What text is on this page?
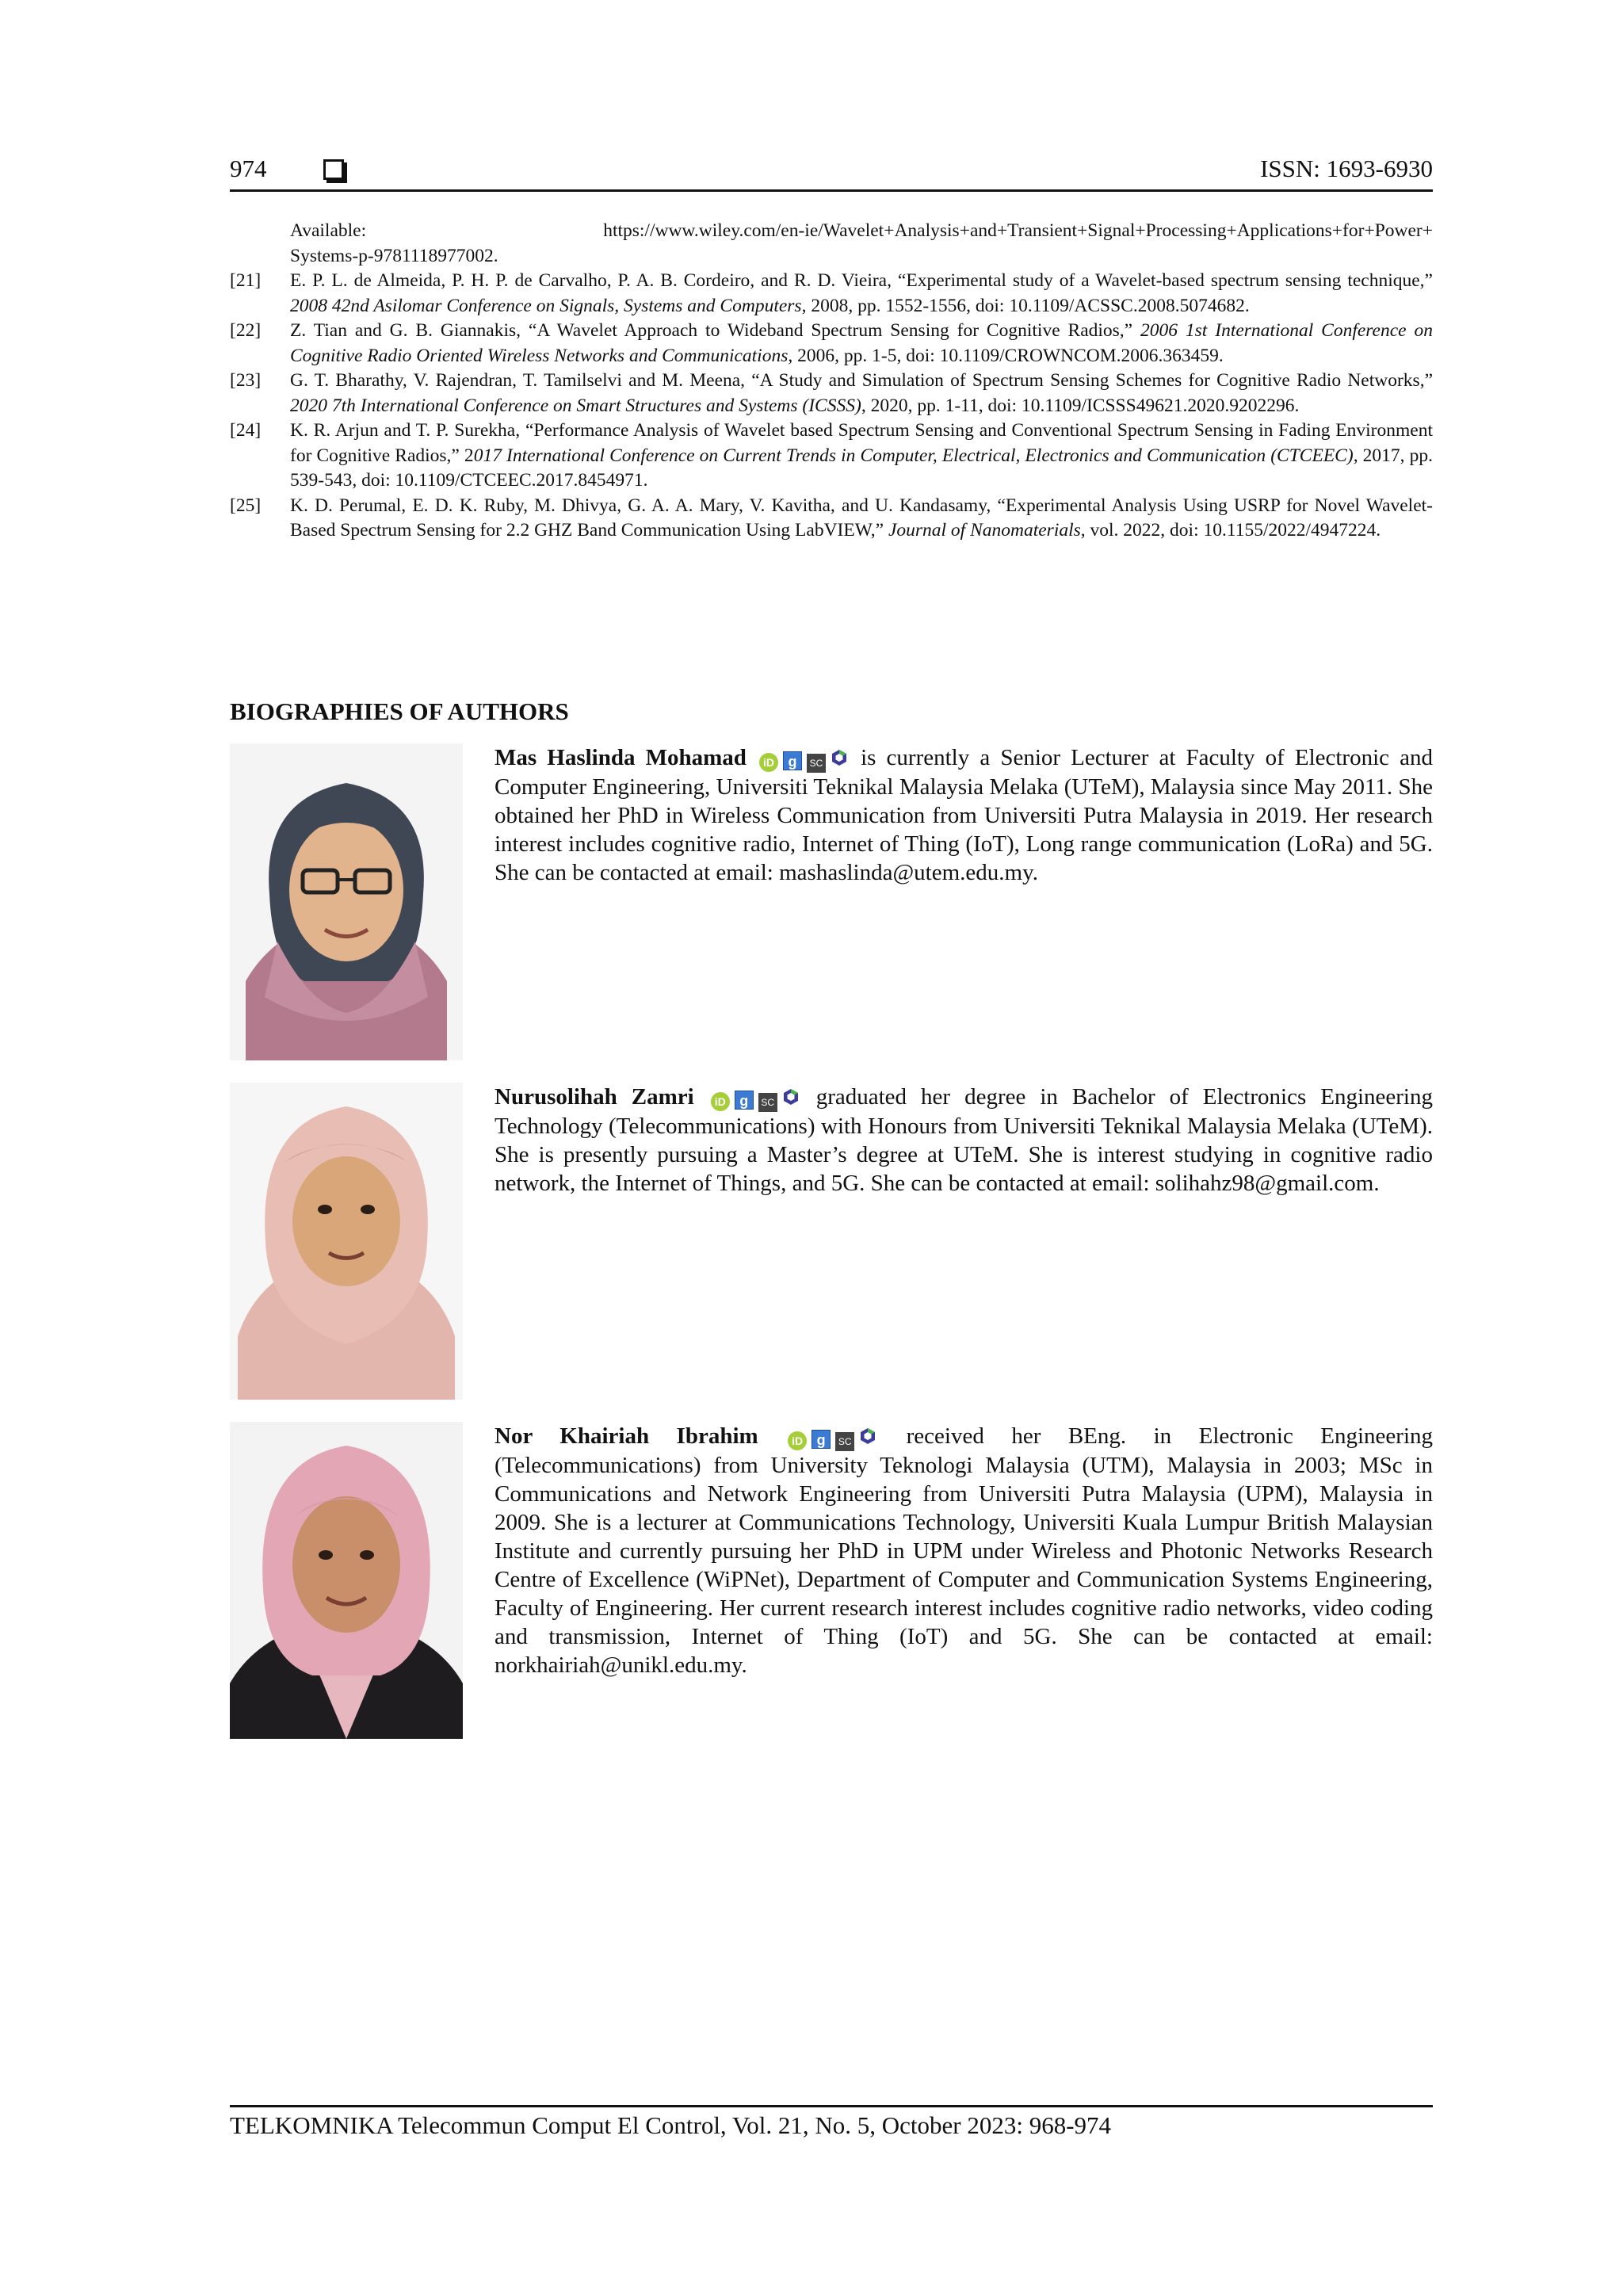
974	ISSN: 1693-6930
Available:	https://www.wiley.com/en-ie/Wavelet+Analysis+and+Transient+Signal+Processing+Applications+for+Power+
Systems-p-9781118977002.
[21] E. P. L. de Almeida, P. H. P. de Carvalho, P. A. B. Cordeiro, and R. D. Vieira, “Experimental study of a Wavelet-based spectrum sensing technique,” 2008 42nd Asilomar Conference on Signals, Systems and Computers, 2008, pp. 1552-1556, doi: 10.1109/ACSSC.2008.5074682.
[22] Z. Tian and G. B. Giannakis, “A Wavelet Approach to Wideband Spectrum Sensing for Cognitive Radios,” 2006 1st International Conference on Cognitive Radio Oriented Wireless Networks and Communications, 2006, pp. 1-5, doi: 10.1109/CROWNCOM.2006.363459.
[23] G. T. Bharathy, V. Rajendran, T. Tamilselvi and M. Meena, “A Study and Simulation of Spectrum Sensing Schemes for Cognitive Radio Networks,” 2020 7th International Conference on Smart Structures and Systems (ICSSS), 2020, pp. 1-11, doi: 10.1109/ICSSS49621.2020.9202296.
[24] K. R. Arjun and T. P. Surekha, “Performance Analysis of Wavelet based Spectrum Sensing and Conventional Spectrum Sensing in Fading Environment for Cognitive Radios,” 2017 International Conference on Current Trends in Computer, Electrical, Electronics and Communication (CTCEEC), 2017, pp. 539-543, doi: 10.1109/CTCEEC.2017.8454971.
[25] K. D. Perumal, E. D. K. Ruby, M. Dhivya, G. A. A. Mary, V. Kavitha, and U. Kandasamy, “Experimental Analysis Using USRP for Novel Wavelet-Based Spectrum Sensing for 2.2 GHZ Band Communication Using LabVIEW,” Journal of Nanomaterials, vol. 2022, doi: 10.1155/2022/4947224.
BIOGRAPHIES OF AUTHORS
Mas Haslinda Mohamad iD g SC is currently a Senior Lecturer at Faculty of Electronic and Computer Engineering, Universiti Teknikal Malaysia Melaka (UTeM), Malaysia since May 2011. She obtained her PhD in Wireless Communication from Universiti Putra Malaysia in 2019. Her research interest includes cognitive radio, Internet of Thing (IoT), Long range communication (LoRa) and 5G. She can be contacted at email: mashaslinda@utem.edu.my.
Nurusolihah Zamri iD g SC graduated her degree in Bachelor of Electronics Engineering Technology (Telecommunications) with Honours from Universiti Teknikal Malaysia Melaka (UTeM). She is presently pursuing a Master’s degree at UTeM. She is interest studying in cognitive radio network, the Internet of Things, and 5G. She can be contacted at email: solihahz98@gmail.com.
Nor Khairiah Ibrahim	iD g SC received her BEng. in Electronic Engineering (Telecommunications) from University Teknologi Malaysia (UTM), Malaysia in 2003; MSc in Communications and Network Engineering from Universiti Putra Malaysia (UPM), Malaysia in 2009. She is a lecturer at Communications Technology, Universiti Kuala Lumpur British Malaysian Institute and currently pursuing her PhD in UPM under Wireless and Photonic Networks Research Centre of Excellence (WiPNet), Department of Computer and Communication Systems Engineering, Faculty of Engineering. Her current research interest includes cognitive radio networks, video coding and transmission, Internet of Thing (IoT) and 5G. She can be contacted at email: norkhairiah@unikl.edu.my.
TELKOMNIKA Telecommun Comput El Control, Vol. 21, No. 5, October 2023: 968-974
